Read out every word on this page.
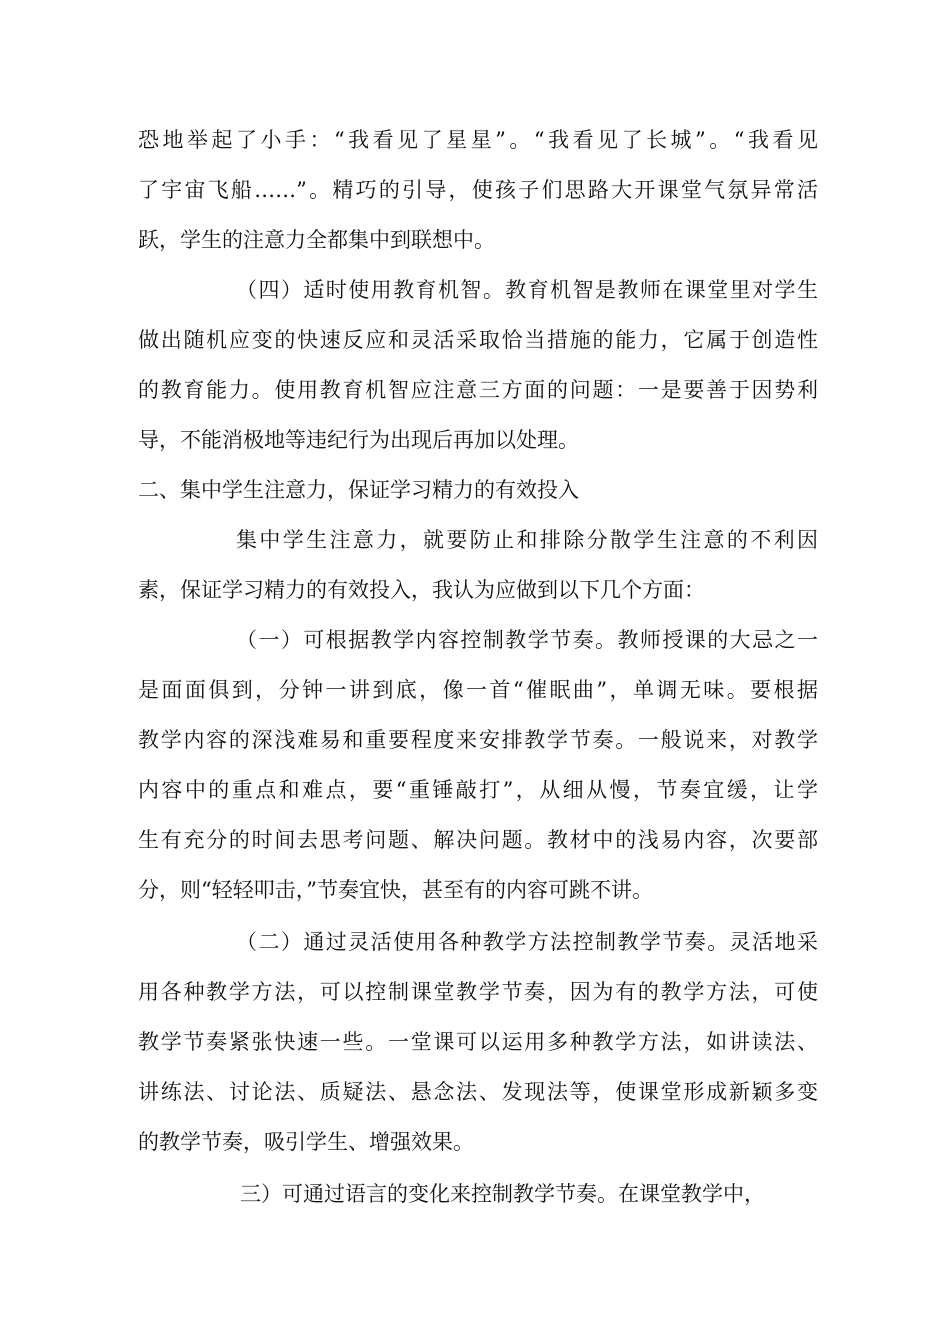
恐地举起了小手：“我看见了星星”。“我看见了长城”。“我看见
了宇宙飞船……”。精巧的引导，使孩子们思路大开课堂气氛异常活
跃，学生的注意力全都集中到联想中。
（四）适时使用教育机智。教育机智是教师在课堂里对学生
做出随机应变的快速反应和灵活采取恰当措施的能力，它属于创造性
的教育能力。使用教育机智应注意三方面的问题：一是要善于因势利
导，不能消极地等违纪行为出现后再加以处理。
二、集中学生注意力，保证学习精力的有效投入
集中学生注意力，就要防止和排除分散学生注意的不利因
素，保证学习精力的有效投入，我认为应做到以下几个方面：
（一）可根据教学内容控制教学节奏。教师授课的大忌之一
是面面俱到，分钟一讲到底，像一首“催眠曲”，单调无味。要根据
教学内容的深浅难易和重要程度来安排教学节奏。一般说来，对教学
内容中的重点和难点，要“重锤敲打”，从细从慢，节奏宜缓，让学
生有充分的时间去思考问题、解决问题。教材中的浅易内容，次要部
分，则“轻轻叩击，”节奏宜快，甚至有的内容可跳不讲。
（二）通过灵活使用各种教学方法控制教学节奏。灵活地采
用各种教学方法，可以控制课堂教学节奏，因为有的教学方法，可使
教学节奏紧张快速一些。一堂课可以运用多种教学方法，如讲读法、
讲练法、讨论法、质疑法、悬念法、发现法等，使课堂形成新颖多变
的教学节奏，吸引学生、增强效果。
三）可通过语言的变化来控制教学节奏。在课堂教学中，
